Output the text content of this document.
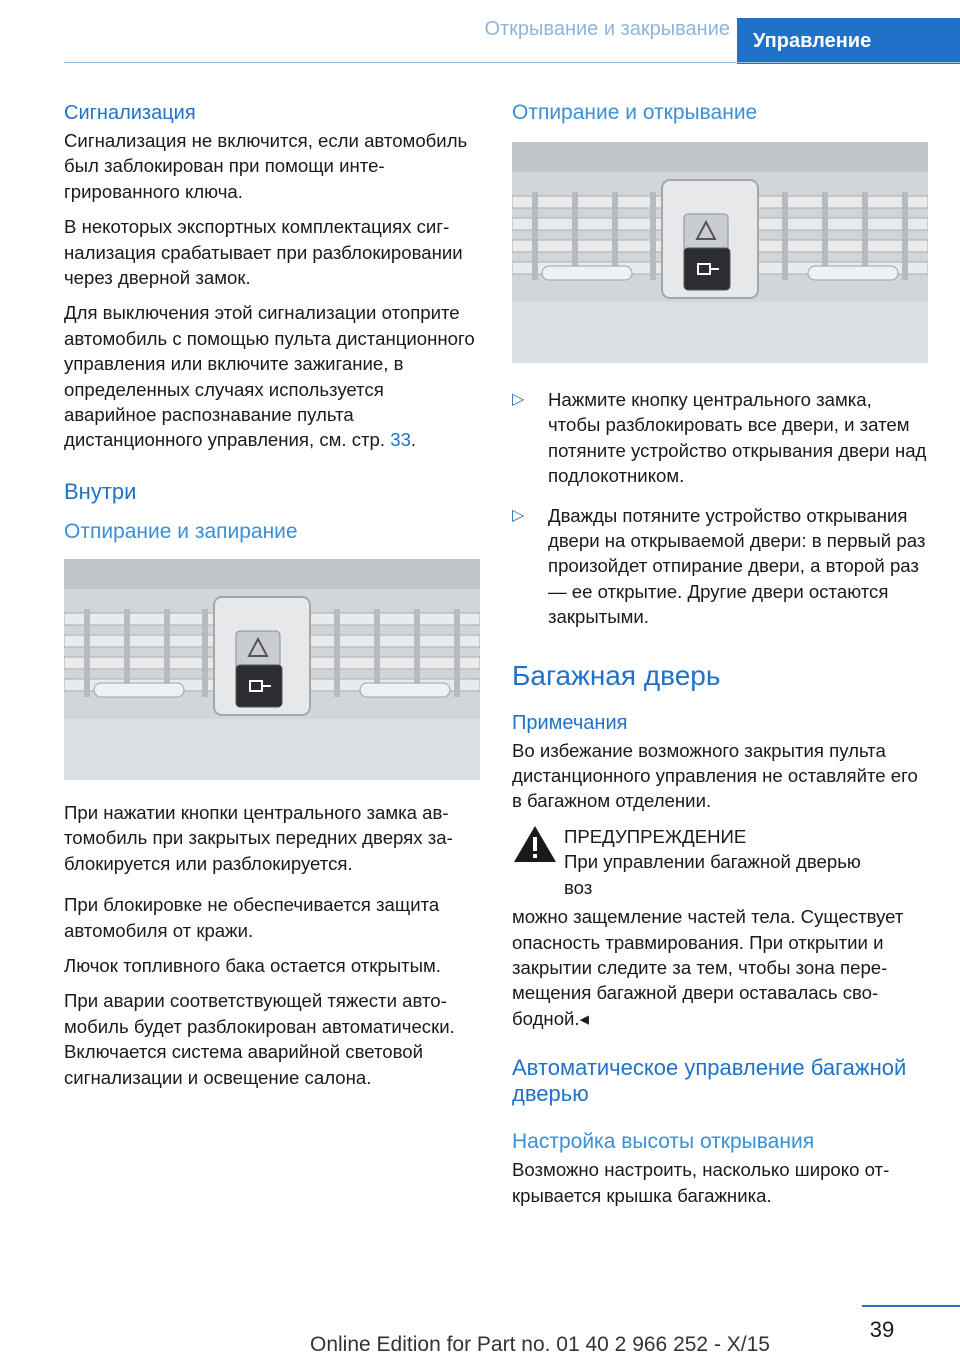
Открывание и закрывание
Управление
Сигнализация

Сигнализация не включится, если автомобиль был заблокирован при помощи интегрированного ключа.

В некоторых экспортных комплектациях сигнализация срабатывает при разблокировании через дверной замок.

Для выключения этой сигнализации отоприте автомобиль с помощью пульта дистанционного управления или включите зажигание, в определенных случаях используется аварийное распознавание пульта дистанционного управления, см. стр. 33.

Внутри
Отпирание и запирание

При нажатии кнопки центрального замка автомобиль при закрытых передних дверях заблокируется или разблокируется.

При блокировке не обеспечивается защита автомобиля от кражи.

Лючок топливного бака остается открытым.

При аварии соответствующей тяжести автомобиль будет разблокирован автоматически. Включается система аварийной световой сигнализации и освещение салона.

Отпирание и открывание
▷	Нажмите кнопку центрального замка, чтобы разблокировать все двери, и затем потяните устройство открывания двери над подлокотником.

▷	Дважды потяните устройство открывания двери на открываемой двери: в первый раз произойдет отпирание двери, а второй раз — ее открытие. Другие двери остаются закрытыми.

Багажная дверь
Примечания

Во избежание возможного закрытия пульта дистанционного управления не оставляйте его в багажном отделении.

ПРЕДУПРЕЖДЕНИЕ

При управлении багажной дверью воз

можно защемление частей тела. Существует опасность травмирования. При открытии и закрытии следите за тем, чтобы зона перемещения багажной двери оставалась свободной.◂

Автоматическое управление багажной дверью
Настройка высоты открывания

Возможно настроить, насколько широко открывается крышка багажника.

39
Online Edition for Part no. 01 40 2 966 252 - X/15
